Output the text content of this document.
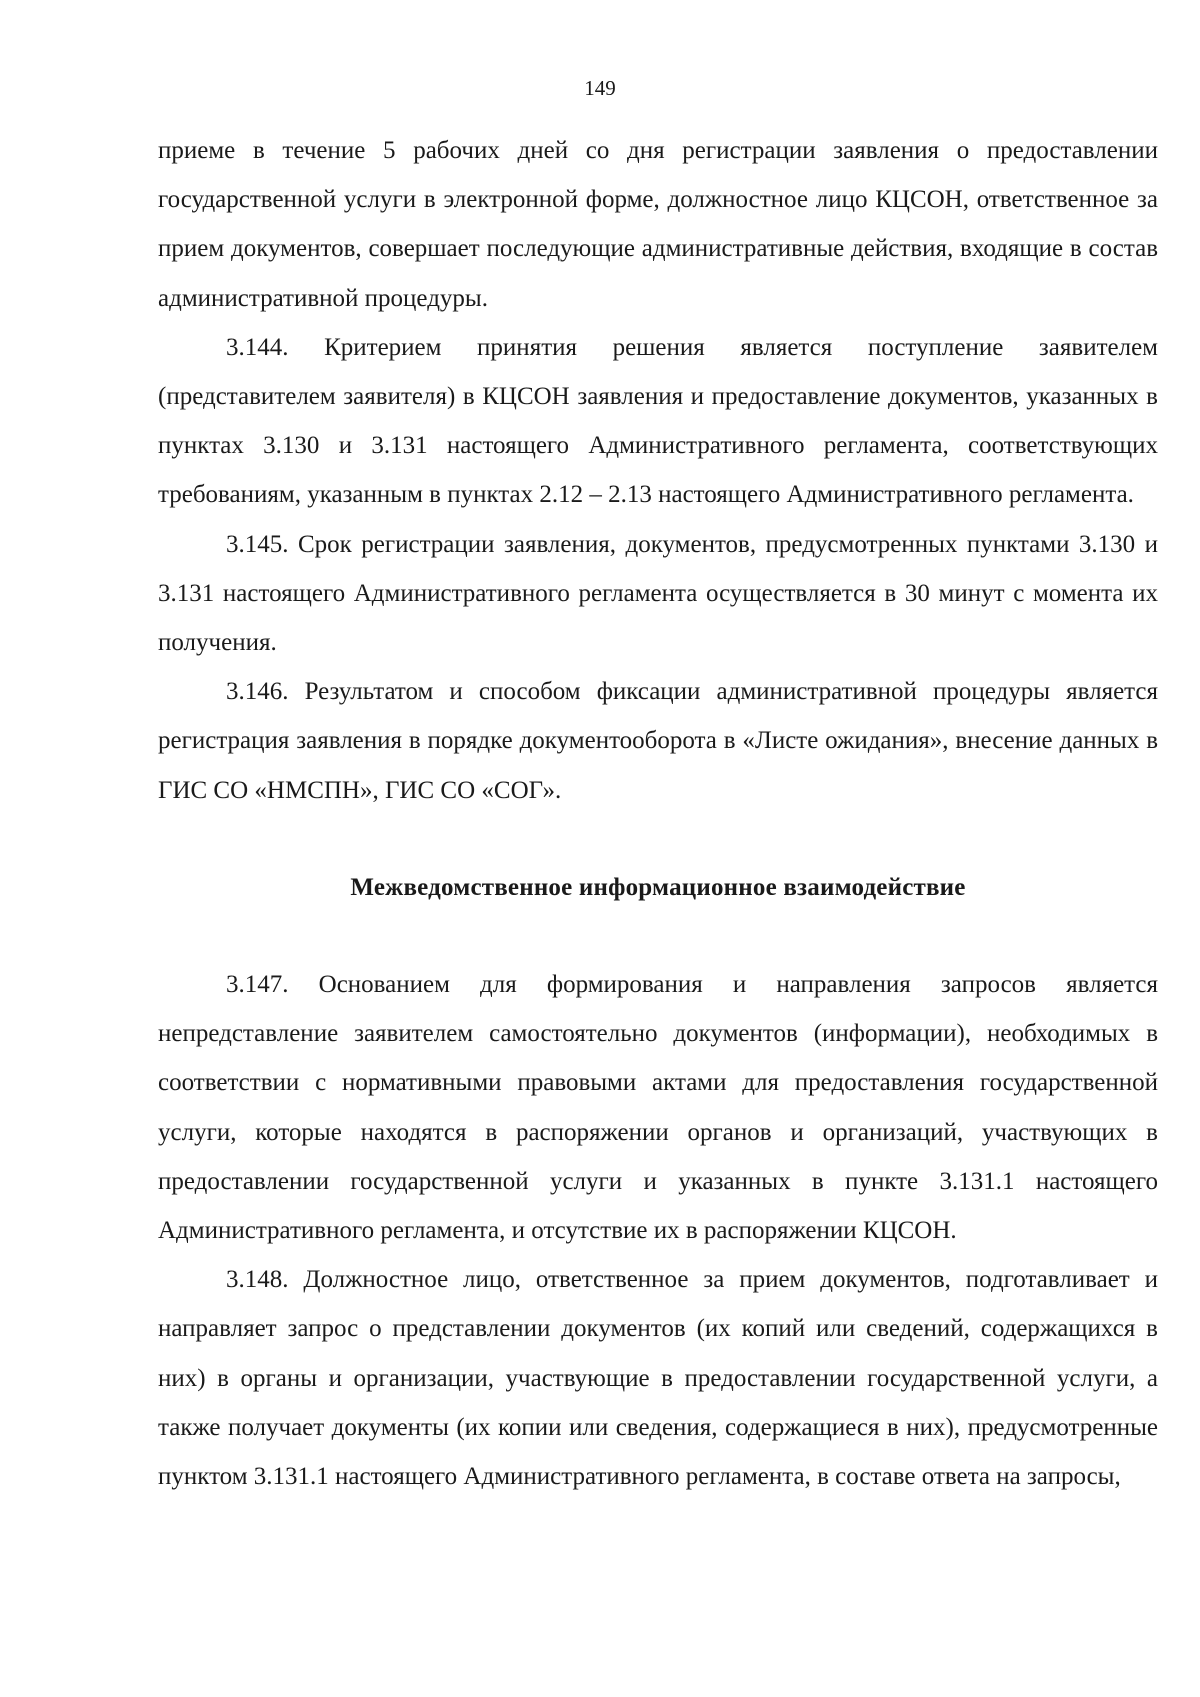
149

приеме в течение 5 рабочих дней со дня регистрации заявления о предоставлении государственной услуги в электронной форме, должностное лицо КЦСОН, ответственное за прием документов, совершает последующие административные действия, входящие в состав административной процедуры.

3.144. Критерием принятия решения является поступление заявителем (представителем заявителя) в КЦСОН заявления и предоставление документов, указанных в пунктах 3.130 и 3.131 настоящего Административного регламента, соответствующих требованиям, указанным в пунктах 2.12 – 2.13 настоящего Административного регламента.

3.145. Срок регистрации заявления, документов, предусмотренных пунктами 3.130 и 3.131 настоящего Административного регламента осуществляется в 30 минут с момента их получения.

3.146. Результатом и способом фиксации административной процедуры является регистрация заявления в порядке документооборота в «Листе ожидания», внесение данных в ГИС СО «НМСПН», ГИС СО «СОГ».

Межведомственное информационное взаимодействие

3.147. Основанием для формирования и направления запросов является непредставление заявителем самостоятельно документов (информации), необходимых в соответствии с нормативными правовыми актами для предоставления государственной услуги, которые находятся в распоряжении органов и организаций, участвующих в предоставлении государственной услуги и указанных в пункте 3.131.1 настоящего Административного регламента, и отсутствие их в распоряжении КЦСОН.

3.148. Должностное лицо, ответственное за прием документов, подготавливает и направляет запрос о представлении документов (их копий или сведений, содержащихся в них) в органы и организации, участвующие в предоставлении государственной услуги, а также получает документы (их копии или сведения, содержащиеся в них), предусмотренные пунктом 3.131.1 настоящего Административного регламента, в составе ответа на запросы,
